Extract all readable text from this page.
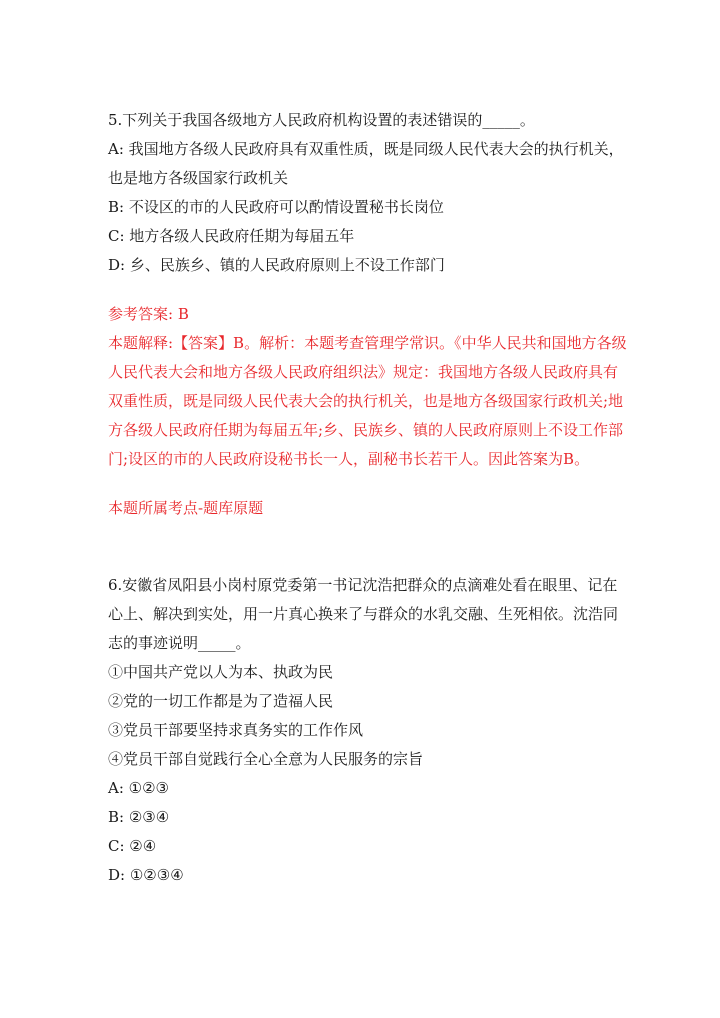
5.下列关于我国各级地方人民政府机构设置的表述错误的_____。
A: 我国地方各级人民政府具有双重性质，既是同级人民代表大会的执行机关，
也是地方各级国家行政机关
B: 不设区的市的人民政府可以酌情设置秘书长岗位
C: 地方各级人民政府任期为每届五年
D: 乡、民族乡、镇的人民政府原则上不设工作部门
参考答案: B
本题解释:【答案】B。解析：本题考查管理学常识。《中华人民共和国地方各级
人民代表大会和地方各级人民政府组织法》规定：我国地方各级人民政府具有
双重性质，既是同级人民代表大会的执行机关，也是地方各级国家行政机关;地
方各级人民政府任期为每届五年;乡、民族乡、镇的人民政府原则上不设工作部
门;设区的市的人民政府设秘书长一人，副秘书长若干人。因此答案为B。
本题所属考点-题库原题
6.安徽省凤阳县小岗村原党委第一书记沈浩把群众的点滴难处看在眼里、记在
心上、解决到实处，用一片真心换来了与群众的水乳交融、生死相依。沈浩同
志的事迹说明_____。
①中国共产党以人为本、执政为民
②党的一切工作都是为了造福人民
③党员干部要坚持求真务实的工作作风
④党员干部自觉践行全心全意为人民服务的宗旨
A: ①②③
B: ②③④
C: ②④
D: ①②③④
